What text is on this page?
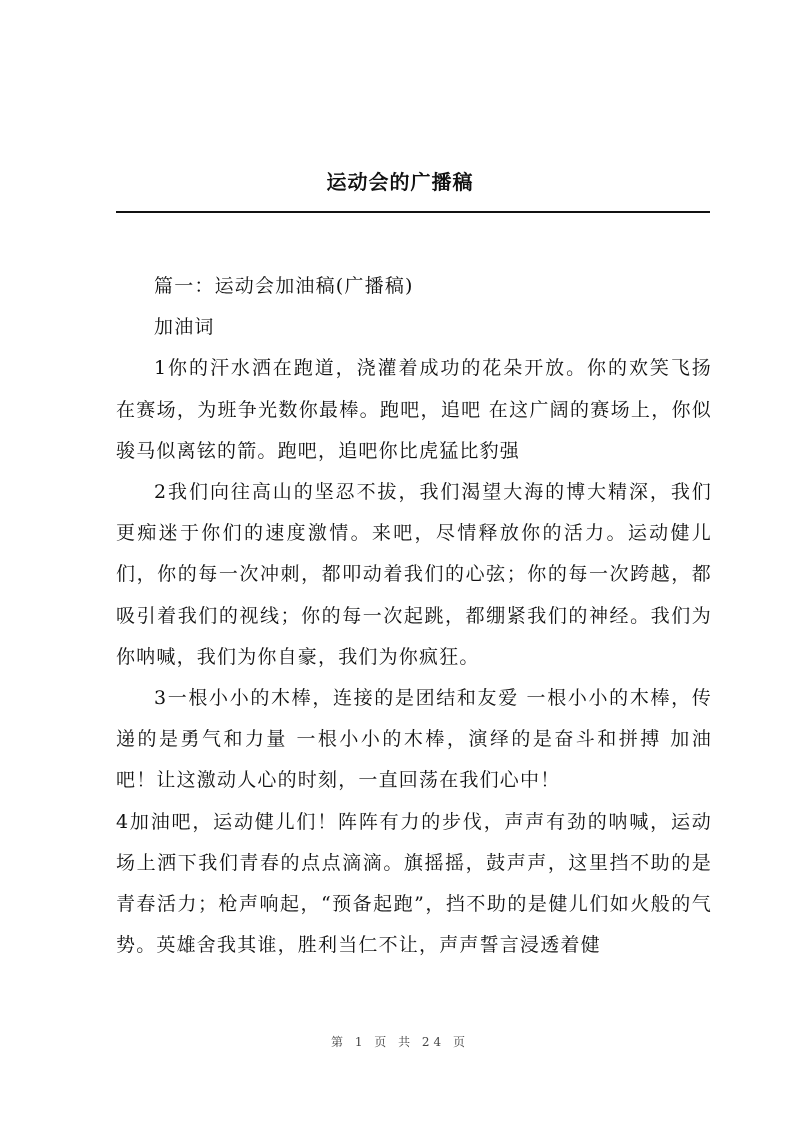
运动会的广播稿

篇一：运动会加油稿(广播稿)

加油词

1你的汗水洒在跑道，浇灌着成功的花朵开放。你的欢笑飞扬在赛场，为班争光数你最棒。跑吧，追吧 在这广阔的赛场上，你似骏马似离铉的箭。跑吧，追吧你比虎猛比豹强

2我们向往高山的坚忍不拔，我们渴望大海的博大精深，我们更痴迷于你们的速度激情。来吧，尽情释放你的活力。运动健儿们，你的每一次冲刺，都叩动着我们的心弦；你的每一次跨越，都吸引着我们的视线；你的每一次起跳，都绷紧我们的神经。我们为你呐喊，我们为你自豪，我们为你疯狂。

3一根小小的木棒，连接的是团结和友爱 一根小小的木棒，传递的是勇气和力量 一根小小的木棒，演绎的是奋斗和拼搏 加油吧！让这激动人心的时刻，一直回荡在我们心中！

4加油吧，运动健儿们！阵阵有力的步伐，声声有劲的呐喊，运动场上洒下我们青春的点点滴滴。旗摇摇，鼓声声，这里挡不助的是青春活力；枪声响起，“预备起跑”，挡不助的是健儿们如火般的气势。英雄舍我其谁，胜利当仁不让，声声誓言浸透着健

第 1 页 共 24 页
